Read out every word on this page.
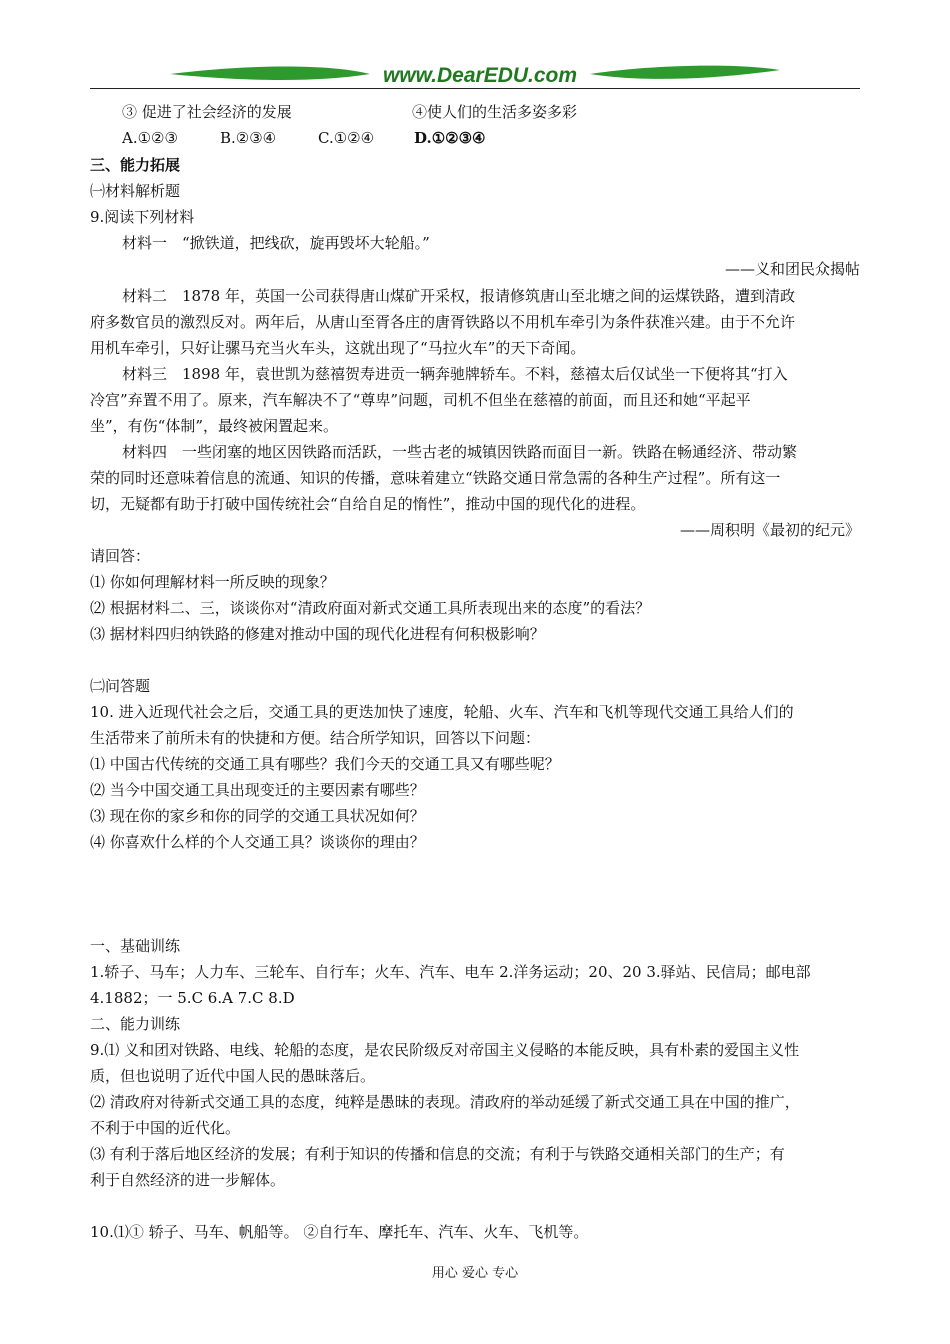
www.DearEDU.com
③ 促进了社会经济的发展	④使人们的生活多姿多彩
A.①②③	B.②③④	C.①②④	D.①②③④
三、能力拓展
㈠材料解析题
9.阅读下列材料
材料一　“掀铁道，把线砍，旋再毁坏大轮船。”
——义和团民众揭帖
材料二　1878 年，英国一公司获得唐山煤矿开采权，报请修筑唐山至北塘之间的运煤铁路，遭到清政
府多数官员的激烈反对。两年后，从唐山至胥各庄的唐胥铁路以不用机车牵引为条件获准兴建。由于不允许
用机车牵引，只好让骡马充当火车头，这就出现了“马拉火车”的天下奇闻。
材料三　1898 年，袁世凯为慈禧贺寿进贡一辆奔驰牌轿车。不料，慈禧太后仅试坐一下便将其“打入
冷宫”弃置不用了。原来，汽车解决不了“尊卑”问题，司机不但坐在慈禧的前面，而且还和她“平起平
坐”，有伤“体制”，最终被闲置起来。
材料四　一些闭塞的地区因铁路而活跃，一些古老的城镇因铁路而面目一新。铁路在畅通经济、带动繁
荣的同时还意味着信息的流通、知识的传播，意味着建立“铁路交通日常急需的各种生产过程”。所有这一
切，无疑都有助于打破中国传统社会“自给自足的惰性”，推动中国的现代化的进程。
——周积明《最初的纪元》
请回答：
⑴ 你如何理解材料一所反映的现象？
⑵ 根据材料二、三，谈谈你对“清政府面对新式交通工具所表现出来的态度”的看法？
⑶ 据材料四归纳铁路的修建对推动中国的现代化进程有何积极影响？
㈡问答题
10. 进入近现代社会之后，交通工具的更迭加快了速度，轮船、火车、汽车和飞机等现代交通工具给人们的
生活带来了前所未有的快捷和方便。结合所学知识，回答以下问题：
⑴ 中国古代传统的交通工具有哪些？我们今天的交通工具又有哪些呢？
⑵ 当今中国交通工具出现变迁的主要因素有哪些？
⑶ 现在你的家乡和你的同学的交通工具状况如何？
⑷ 你喜欢什么样的个人交通工具？谈谈你的理由？
一、基础训练
1.轿子、马车；人力车、三轮车、自行车；火车、汽车、电车 2.洋务运动；20、20 3.驿站、民信局；邮电部
4.1882；一 5.C 6.A 7.C 8.D
二、能力训练
9.⑴ 义和团对铁路、电线、轮船的态度，是农民阶级反对帝国主义侵略的本能反映，具有朴素的爱国主义性
质，但也说明了近代中国人民的愚昧落后。
⑵ 清政府对待新式交通工具的态度，纯粹是愚昧的表现。清政府的举动延缓了新式交通工具在中国的推广，
不利于中国的近代化。
⑶ 有利于落后地区经济的发展；有利于知识的传播和信息的交流；有利于与铁路交通相关部门的生产；有
利于自然经济的进一步解体。
10.⑴① 轿子、马车、帆船等。 ②自行车、摩托车、汽车、火车、飞机等。
用心 爱心 专心
